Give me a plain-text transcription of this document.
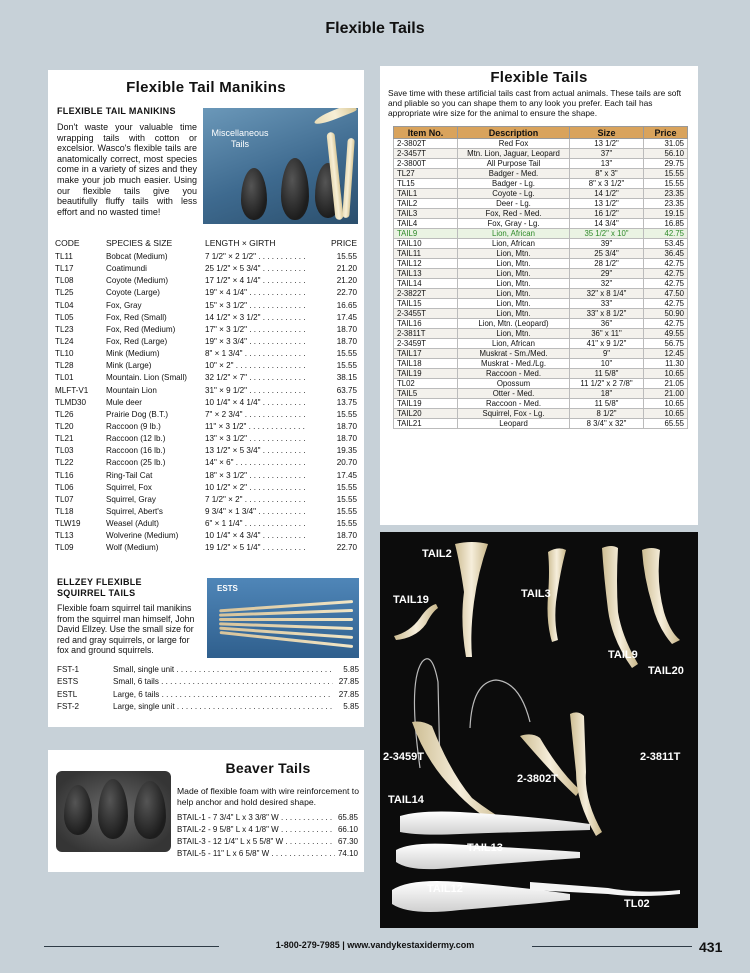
Flexible Tails
Flexible Tail Manikins
FLEXIBLE TAIL MANIKINS
Don't waste your valuable time wrapping tails with cotton or excelsior. Wasco's flexible tails are anatomically correct, most species come in a variety of sizes and they make your job much easier. Using our flexible tails give you beautifully fluffy tails with less effort and no wasted time!
Miscellaneous Tails
CODE	SPECIES & SIZE	LENGTH × GIRTH	PRICE
TL11	Bobcat (Medium)	7 1/2" × 2 1/2" . . .	15.55
TL17	Coatimundi	25 1/2" × 5 3/4" . . .	21.20
TL08	Coyote (Medium)	17 1/2" × 4 1/4" . . .	21.20
TL25	Coyote (Large)	19" × 4 1/4" . . .	22.70
TL04	Fox, Gray	15" × 3 1/2" . . .	16.65
TL05	Fox, Red (Small)	14 1/2" × 3 1/2" . . .	17.45
TL23	Fox, Red (Medium)	17" × 3 1/2" . . .	18.70
TL24	Fox, Red (Large)	19" × 3 3/4" . . .	18.70
TL10	Mink (Medium)	8" × 1 3/4" . . .	15.55
TL28	Mink (Large)	10" × 2" . . .	15.55
TL01	Mountain. Lion (Small) 32 1/2" × 7" . . .	38.15
MLFT-V1 Mountain Lion	31" × 9 1/2" . . .	63.75
TLMD30 Mule deer	10 1/4" × 4 1/4" . . .	13.75
TL26	Prairie Dog (B.T.)	7" × 2 3/4" . . .	15.55
TL20	Raccoon (9 lb.)	11" × 3 1/2" . . .	18.70
TL21	Raccoon (12 lb.)	13" × 3 1/2" . . .	18.70
TL03	Raccoon (16 lb.)	13 1/2" × 5 3/4" . . .	19.35
TL22	Raccoon (25 lb.)	14" × 6" . . .	20.70
TL16	Ring-Tail Cat	18" × 3 1/2" . . .	17.45
TL06	Squirrel, Fox	10 1/2" × 2" . . .	15.55
TL07	Squirrel, Gray	7 1/2" × 2" . . .	15.55
TL18	Squirrel, Abert's	9 3/4" × 1 3/4" . . .	15.55
TLW19	Weasel (Adult)	6" × 1 1/4" . . .	15.55
TL13	Wolverine (Medium)	10 1/4" × 4 3/4" . . .	18.70
TL09	Wolf (Medium)	19 1/2" × 5 1/4" . . .	22.70
ELLZEY FLEXIBLE SQUIRREL TAILS	ESTS
Flexible foam squirrel tail manikins from the squirrel man himself, John David Ellzey. Use the small size for red and gray squirrels, or large for fox and ground squirrels.
FST-1	Small, single unit . . .	5.85
ESTS	Small, 6 tails . . .	27.85
ESTL	Large, 6 tails . . .	27.85
FST-2	Large, single unit . . .	5.85
Beaver Tails
Made of flexible foam with wire reinforcement to help anchor and hold desired shape.
BTAIL-1 - 7 3/4" L x 3 3/8" W . . .	65.85
BTAIL-2 - 9 5/8" L x 4 1/8" W . . .	66.10
BTAIL-3 - 12 1/4" L x 5 5/8" W . . .	67.30
BTAIL-5 - 11" L x 6 5/8" W . . .	74.10
Flexible Tails
Save time with these artificial tails cast from actual animals. These tails are soft and pliable so you can shape them to any look you prefer. Each tail has appropriate wire size for the animal to ensure the shape.
Item No.	Description	Size	Price
2-3802T	Red Fox	13 1/2"	31.05
2-3457T	Mtn. Lion, Jaguar, Leopard	37"	56.10
2-3800T	All Purpose Tail	13"	29.75
TL27	Badger - Med.	8" x 3"	15.55
TL15	Badger - Lg.	8" x 3 1/2"	15.55
TAIL1	Coyote - Lg.	14 1/2"	23.35
TAIL2	Deer - Lg.	13 1/2"	23.35
TAIL3	Fox, Red - Med.	16 1/2"	19.15
TAIL4	Fox, Gray - Lg.	14 3/4"	16.85
TAIL9	Lion, African	35 1/2" x 10"	42.75
TAIL10	Lion, African	39"	53.45
TAIL11	Lion, Mtn.	25 3/4"	36.45
TAIL12	Lion, Mtn.	28 1/2"	42.75
TAIL13	Lion, Mtn.	29"	42.75
TAIL14	Lion, Mtn.	32"	42.75
2-3822T	Lion, Mtn.	32" x 8 1/4"	47.50
TAIL15	Lion, Mtn.	33"	42.75
2-3455T	Lion, Mtn.	33" x 8 1/2"	50.90
TAIL16	Lion, Mtn. (Leopard)	36"	42.75
2-3811T	Lion, Mtn.	36" x 11"	49.55
2-3459T	Lion, African	41" x 9 1/2"	56.75
TAIL17	Muskrat - Sm./Med.	9"	12.45
TAIL18	Muskrat - Med./Lg.	10"	11.30
TAIL19	Raccoon - Med.	11 5/8"	10.65
TL02	Opossum	11 1/2" x 2 7/8"	21.05
TAIL5	Otter - Med.	18"	21.00
TAIL19	Raccoon - Med.	11 5/8"	10.65
TAIL20	Squirrel, Fox - Lg.	8 1/2"	10.65
TAIL21	Leopard	8 3/4" x 32"	65.55
TAIL2
TAIL19	TAIL3
TAIL9
TAIL20
2-3459T
2-3802T
2-3811T
TAIL14
TAIL13
TAIL12
TL02
1-800-279-7985 | www.vandykestaxidermy.com	431
